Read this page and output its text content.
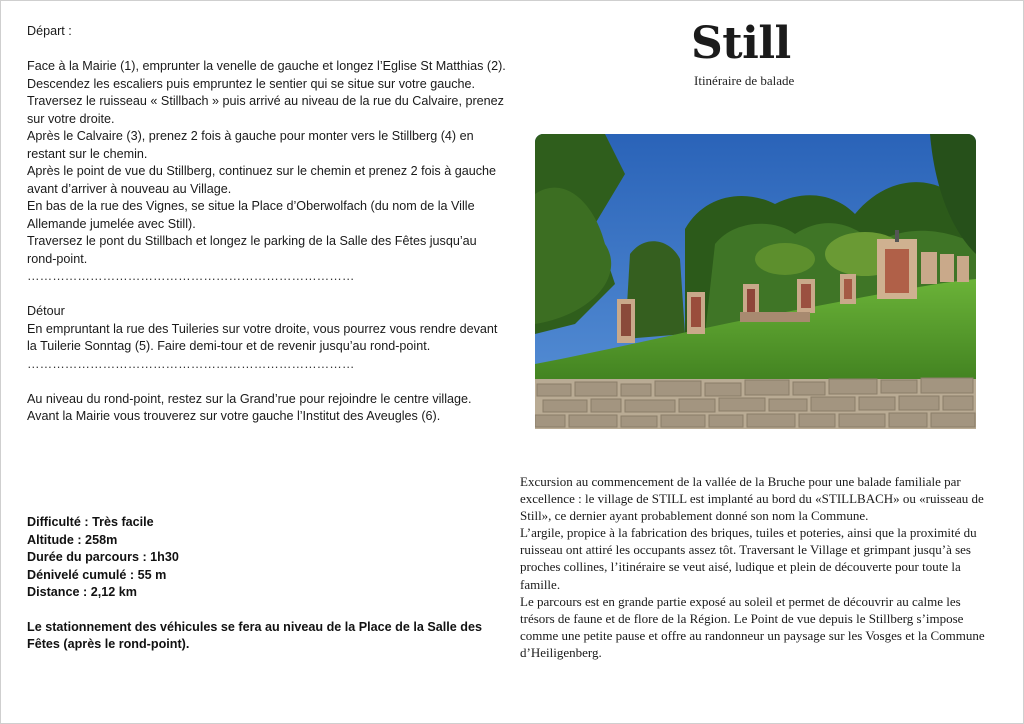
Départ :

Face à la Mairie (1), emprunter la venelle de gauche et longez l’Eglise St Matthias (2).

Descendez les escaliers puis empruntez le sentier qui se situe sur votre gauche.

Traversez le ruisseau « Stillbach » puis arrivé au niveau de la rue du Calvaire, prenez sur votre droite.

Après le Calvaire (3), prenez 2 fois à gauche pour monter vers le Stillberg (4) en restant sur le chemin.

Après le point de vue du Stillberg, continuez sur le chemin et prenez 2 fois à gauche avant d’arriver à nouveau au Village.

En bas de la rue des Vignes, se situe la Place d’Oberwolfach (du nom de la Ville Allemande jumelée avec Still).

Traversez le pont du Stillbach et longez le parking de la Salle des Fêtes jusqu’au rond-point.

……………………………………………………………………

Détour

En empruntant la rue des Tuileries sur votre droite, vous pourrez vous rendre devant la Tuilerie Sonntag (5). Faire demi-tour et de revenir jusqu’au rond-point.

……………………………………………………………………

Au niveau du rond-point, restez sur la Grand’rue pour rejoindre le centre village.

Avant la Mairie vous trouverez sur votre gauche l’Institut des Aveugles (6).

Difficulté : Très facile

Altitude : 258m

Durée du parcours : 1h30

Dénivelé cumulé : 55 m

Distance : 2,12 km

Le stationnement des véhicules se fera au niveau de la Place de la Salle des Fêtes (après le rond-point).

Still
Itinéraire de balade

Excursion au commencement de la vallée de la Bruche pour une balade familiale par excellence : le village de STILL est implanté au bord du «STILLBACH» ou «ruisseau de Still», ce dernier ayant probablement donné son nom la Commune.

L’argile, propice à la fabrication des briques, tuiles et poteries, ainsi que la proximité du ruisseau ont attiré les occupants assez tôt. Traversant le Village et grimpant jusqu’à ses proches collines, l’itinéraire se veut aisé, ludique et plein de découverte pour toute la famille.

Le parcours est en grande partie exposé au soleil et permet de découvrir au calme les trésors de faune et de flore de la Région. Le Point de vue depuis le Stillberg s’impose comme une petite pause et offre au randonneur un paysage sur les Vosges et la Commune d’Heiligenberg.
